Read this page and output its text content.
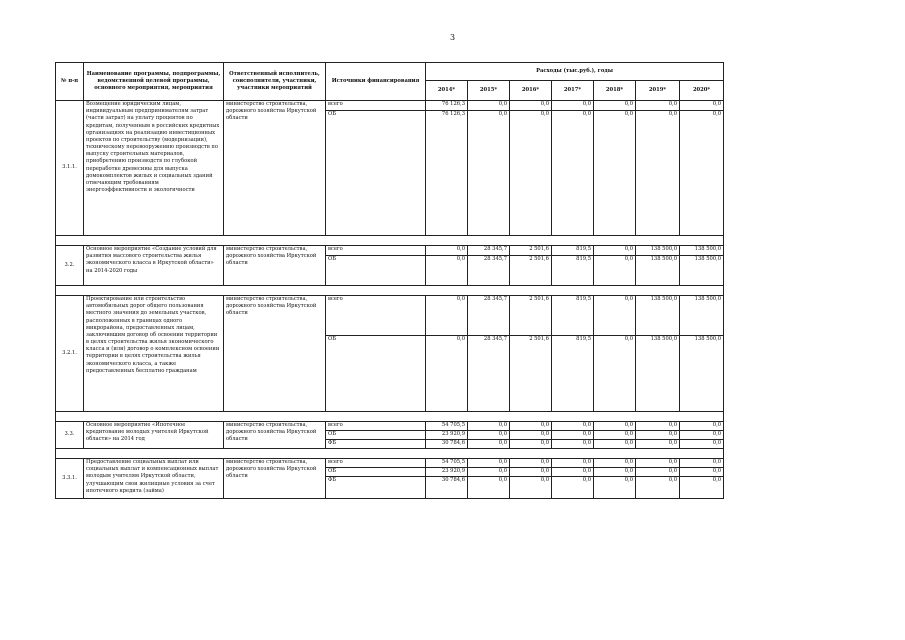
3
№ п-п	Наименование программы, подпрограммы, ведомственной целевой программы, основного мероприятия, мероприятия	Ответственный исполнитель, соисполнители, участники, участники мероприятий	Источники финансирования	Расходы (тыс.руб.), годы						
				2014*	2015*	2016*	2017*	2018*	2019*	2020*
3.1.1.	Возмещение юридическим лицам, индивидуальным предпринимателям затрат (части затрат) на уплату процентов по кредитам, полученным в российских кредитных организациях на реализацию инвестиционных проектов по строительству (модернизации), техническому перевооружению производств по выпуску строительных материалов, приобретению производств по глубокой переработке древесины для выпуска домокомплектов жилых и социальных зданий отвечающим требованиям энергоэффективности и экологичности	министерство строительства, дорожного хозяйства Иркутской области	всего	76 126,3	0,0	0,0	0,0	0,0	0,0	0,0
			ОБ	76 126,3	0,0	0,0	0,0	0,0	0,0	0,0

3.2.	Основное мероприятие «Создание условий для развития массового строительства жилья экономического класса в Иркутской области» на 2014-2020 годы	министерство строительства, дорожного хозяйства Иркутской области	всего	0,0	28 345,7	2 501,6	819,5	0,0	138 500,0	138 500,0
			ОБ	0,0	28 345,7	2 501,6	819,5	0,0	138 500,0	138 500,0

3.2.1.	Проектирование или строительство автомобильных дорог общего пользования местного значения до земельных участков, расположенных в границах одного микрорайона, предоставленных лицам, заключившим договор об освоении территории в целях строительства жилья экономического класса и (или) договор о комплексном освоении территории в целях строительства жилья экономического класса, а также предоставленных бесплатно гражданам	министерство строительства, дорожного хозяйства Иркутской области	всего	0,0	28 345,7	2 501,6	819,5	0,0	138 500,0	138 500,0
			ОБ	0,0	28 345,7	2 501,6	819,5	0,0	138 500,0	138 500,0

3.3.	Основное мероприятие «Ипотечное кредитование молодых учителей Иркутской области» на 2014 год	министерство строительства, дорожного хозяйства Иркутской области	всего	54 705,5	0,0	0,0	0,0	0,0	0,0	0,0
			ОБ	23 920,9	0,0	0,0	0,0	0,0	0,0	0,0
			ФБ	30 784,6	0,0	0,0	0,0	0,0	0,0	0,0

3.3.1.	Предоставление социальных выплат или социальных выплат и компенсационных выплат молодым учителям Иркутской области, улучшающим свои жилищные условия за счет ипотечного кредита (займа)	министерство строительства, дорожного хозяйства Иркутской области	всего	54 705,5	0,0	0,0	0,0	0,0	0,0	0,0
			ОБ	23 920,9	0,0	0,0	0,0	0,0	0,0	0,0
			ФБ	30 784,6	0,0	0,0	0,0	0,0	0,0	0,0
